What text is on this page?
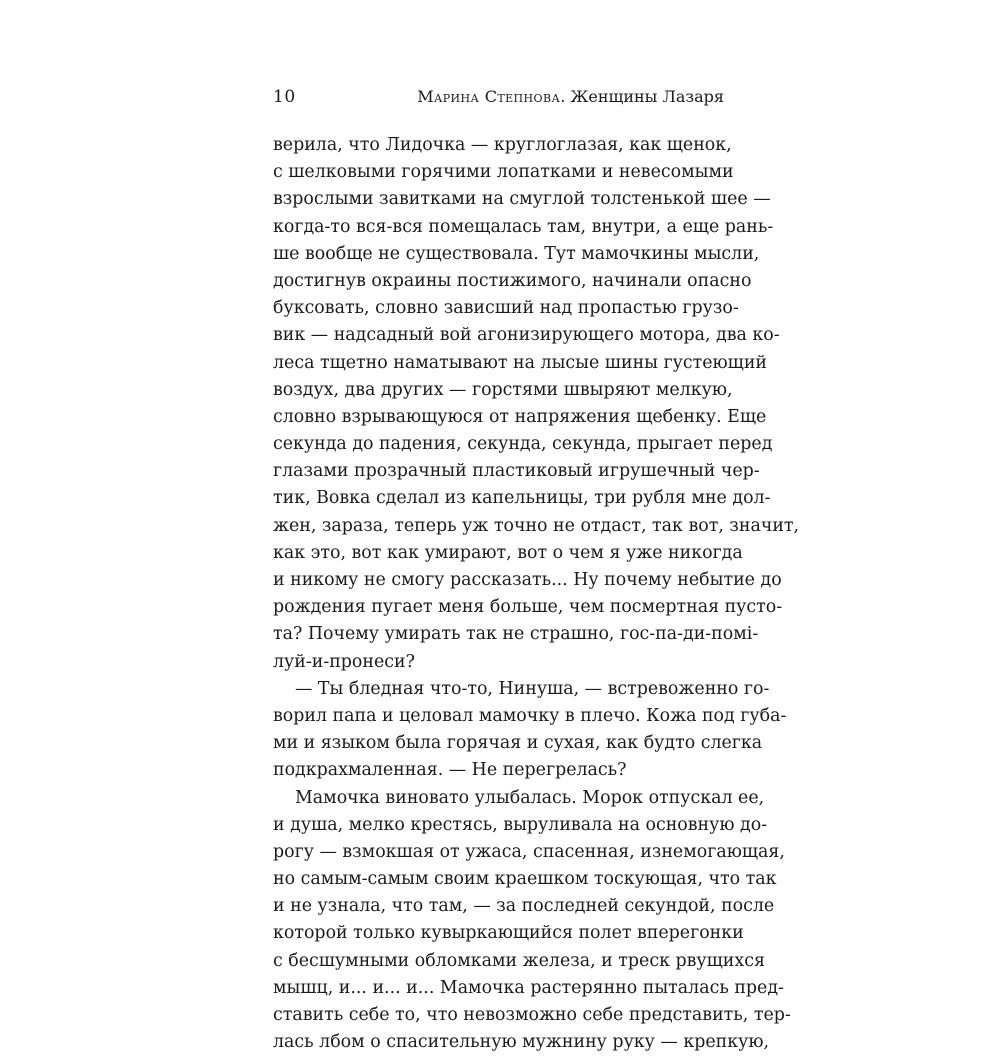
10	Марина Степнова. Женщины Лазаря
верила, что Лидочка — круглоглазая, как щенок,
с шелковыми горячими лопатками и невесомыми
взрослыми завитками на смуглой толстенькой шее —
когда-то вся-вся помещалась там, внутри, а еще рань-
ше вообще не существовала. Тут мамочкины мысли,
достигнув окраины постижимого, начинали опасно
буксовать, словно зависший над пропастью грузо-
вик — надсадный вой агонизирующего мотора, два ко-
леса тщетно наматывают на лысые шины густеющий
воздух, два других — горстями швыряют мелкую,
словно взрывающуюся от напряжения щебенку. Еще
секунда до падения, секунда, секунда, прыгает перед
глазами прозрачный пластиковый игрушечный чер-
тик, Вовка сделал из капельницы, три рубля мне дол-
жен, зараза, теперь уж точно не отдаст, так вот, значит,
как это, вот как умирают, вот о чем я уже никогда
и никому не смогу рассказать... Ну почему небытие до
рождения пугает меня больше, чем посмертная пусто-
та? Почему умирать так не страшно, гос-па-ди-помi-
луй-и-пронеси?
— Ты бледная что-то, Нинуша, — встревоженно го-
ворил папа и целовал мамочку в плечо. Кожа под губа-
ми и языком была горячая и сухая, как будто слегка
подкрахмаленная. — Не перегрелась?
Мамочка виновато улыбалась. Морок отпускал ее,
и душа, мелко крестясь, выруливала на основную до-
рогу — взмокшая от ужаса, спасенная, изнемогающая,
но самым-самым своим краешком тоскующая, что так
и не узнала, что там, — за последней секундой, после
которой только кувыркающийся полет вперегонки
с бесшумными обломками железа, и треск рвущихся
мышц, и... и... и... Мамочка растерянно пыталась пред-
ставить себе то, что невозможно себе представить, тер-
лась лбом о спасительную мужнину руку — крепкую,
